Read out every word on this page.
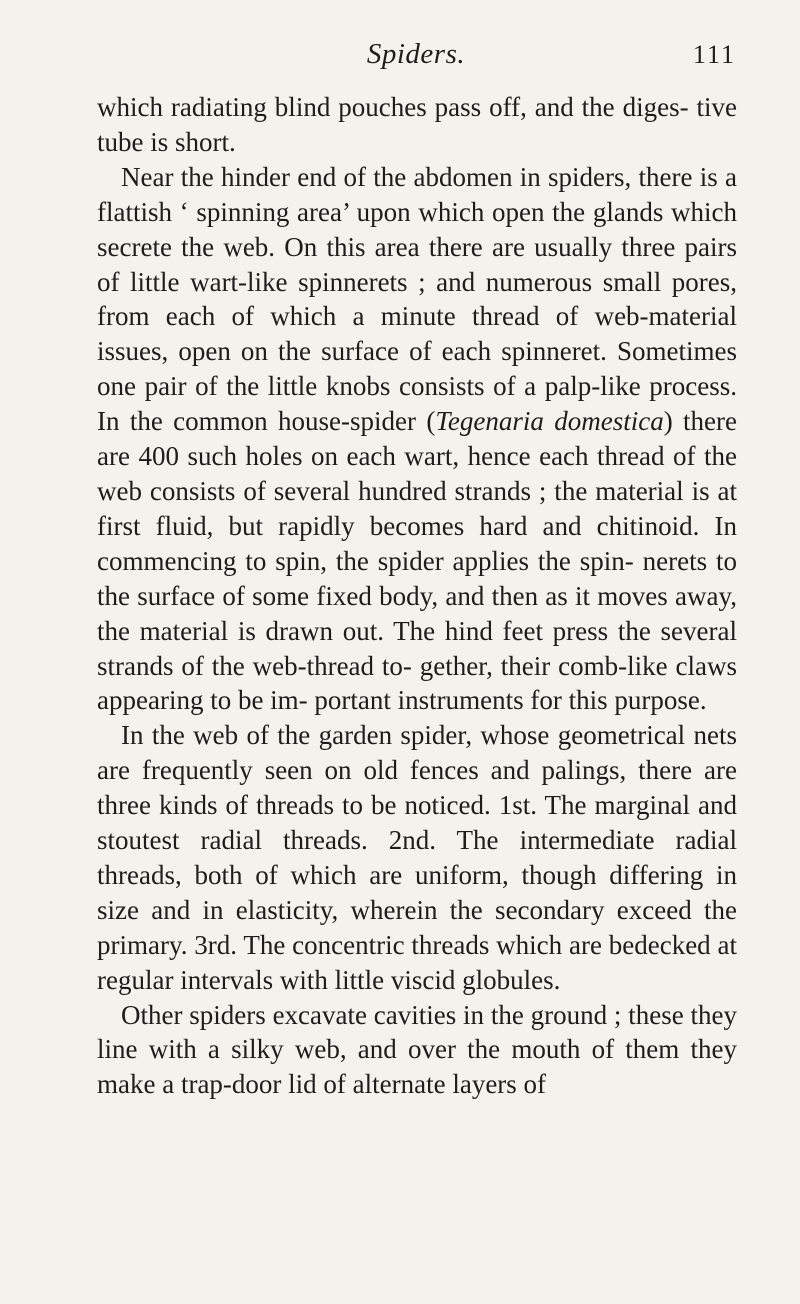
Spiders.	111

which radiating blind pouches pass off, and the diges- tive tube is short.

Near the hinder end of the abdomen in spiders, there is a flattish ‘ spinning area’ upon which open the glands which secrete the web. On this area there are usually three pairs of little wart-like spinnerets ; and numerous small pores, from each of which a minute thread of web-material issues, open on the surface of each spinneret. Sometimes one pair of the little knobs consists of a palp-like process. In the common house-spider (Tegenaria domestica) there are 400 such holes on each wart, hence each thread of the web consists of several hundred strands ; the material is at first fluid, but rapidly becomes hard and chitinoid. In commencing to spin, the spider applies the spin- nerets to the surface of some fixed body, and then as it moves away, the material is drawn out. The hind feet press the several strands of the web-thread to- gether, their comb-like claws appearing to be im- portant instruments for this purpose.

In the web of the garden spider, whose geometrical nets are frequently seen on old fences and palings, there are three kinds of threads to be noticed. 1st. The marginal and stoutest radial threads. 2nd. The intermediate radial threads, both of which are uniform, though differing in size and in elasticity, wherein the secondary exceed the primary. 3rd. The concentric threads which are bedecked at regular intervals with little viscid globules.

Other spiders excavate cavities in the ground ; these they line with a silky web, and over the mouth of them they make a trap-door lid of alternate layers of
